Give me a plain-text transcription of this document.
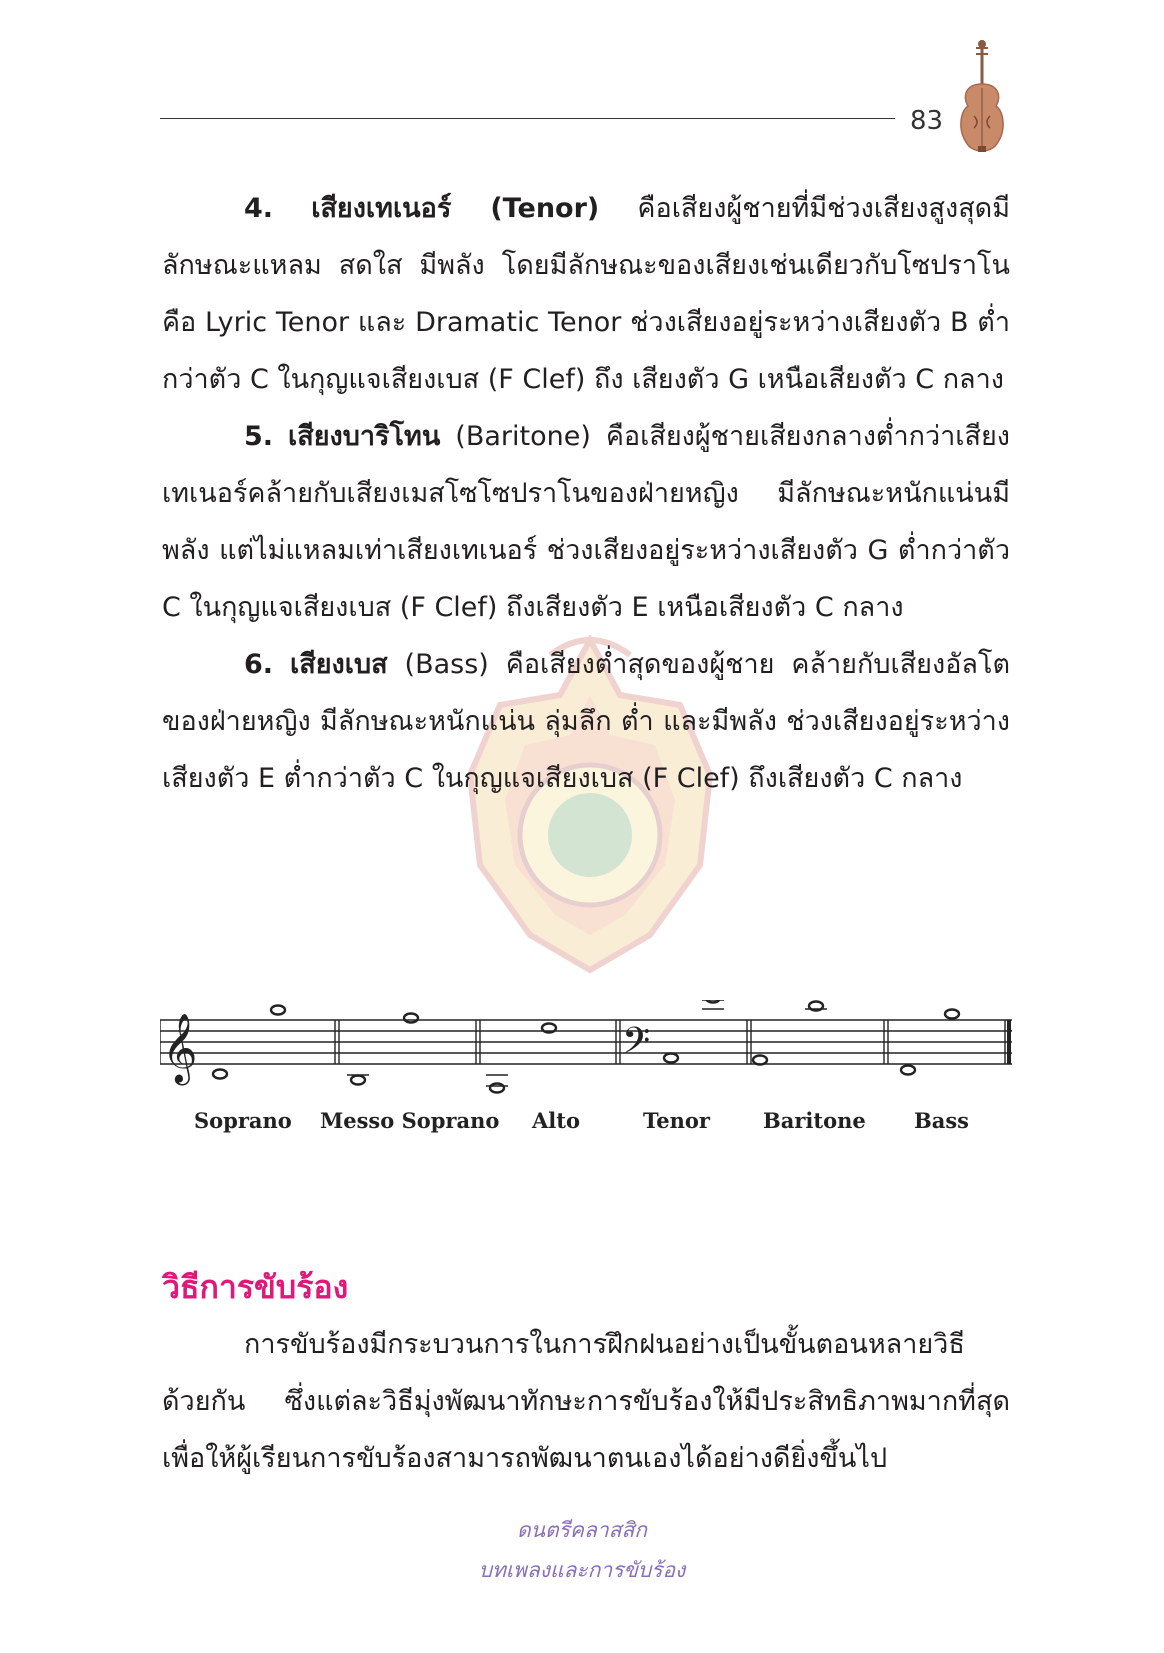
83

4. เสียงเทเนอร์ (Tenor) คือเสียงผู้ชายที่มีช่วงเสียงสูงสุดมีลักษณะแหลม สดใส มีพลัง โดยมีลักษณะของเสียงเช่นเดียวกับโซปราโน คือ Lyric Tenor และ Dramatic Tenor ช่วงเสียงอยู่ระหว่างเสียงตัว B ต่ำกว่าตัว C ในกุญแจเสียงเบส (F Clef) ถึง เสียงตัว G เหนือเสียงตัว C กลาง

5. เสียงบาริโทน (Baritone) คือเสียงผู้ชายเสียงกลางต่ำกว่าเสียงเทเนอร์คล้ายกับเสียงเมสโซโซปราโนของฝ่ายหญิง มีลักษณะหนักแน่นมีพลัง แต่ไม่แหลมเท่าเสียงเทเนอร์ ช่วงเสียงอยู่ระหว่างเสียงตัว G ต่ำกว่าตัว C ในกุญแจเสียงเบส (F Clef) ถึงเสียงตัว E เหนือเสียงตัว C กลาง

6. เสียงเบส (Bass) คือเสียงต่ำสุดของผู้ชาย คล้ายกับเสียงอัลโตของฝ่ายหญิง มีลักษณะหนักแน่น ลุ่มลึก ต่ำ และมีพลัง ช่วงเสียงอยู่ระหว่างเสียงตัว E ต่ำกว่าตัว C ในกุญแจเสียงเบส (F Clef) ถึงเสียงตัว C กลาง

𝄞	𝄢
Soprano Messo Soprano Alto	Tenor	Baritone Bass
วิธีการขับร้อง

การขับร้องมีกระบวนการในการฝึกฝนอย่างเป็นขั้นตอนหลายวิธีด้วยกัน ซึ่งแต่ละวิธีมุ่งพัฒนาทักษะการขับร้องให้มีประสิทธิภาพมากที่สุด เพื่อให้ผู้เรียนการขับร้องสามารถพัฒนาตนเองได้อย่างดียิ่งขึ้นไป

ดนตรีคลาสสิก
บทเพลงและการขับร้อง
